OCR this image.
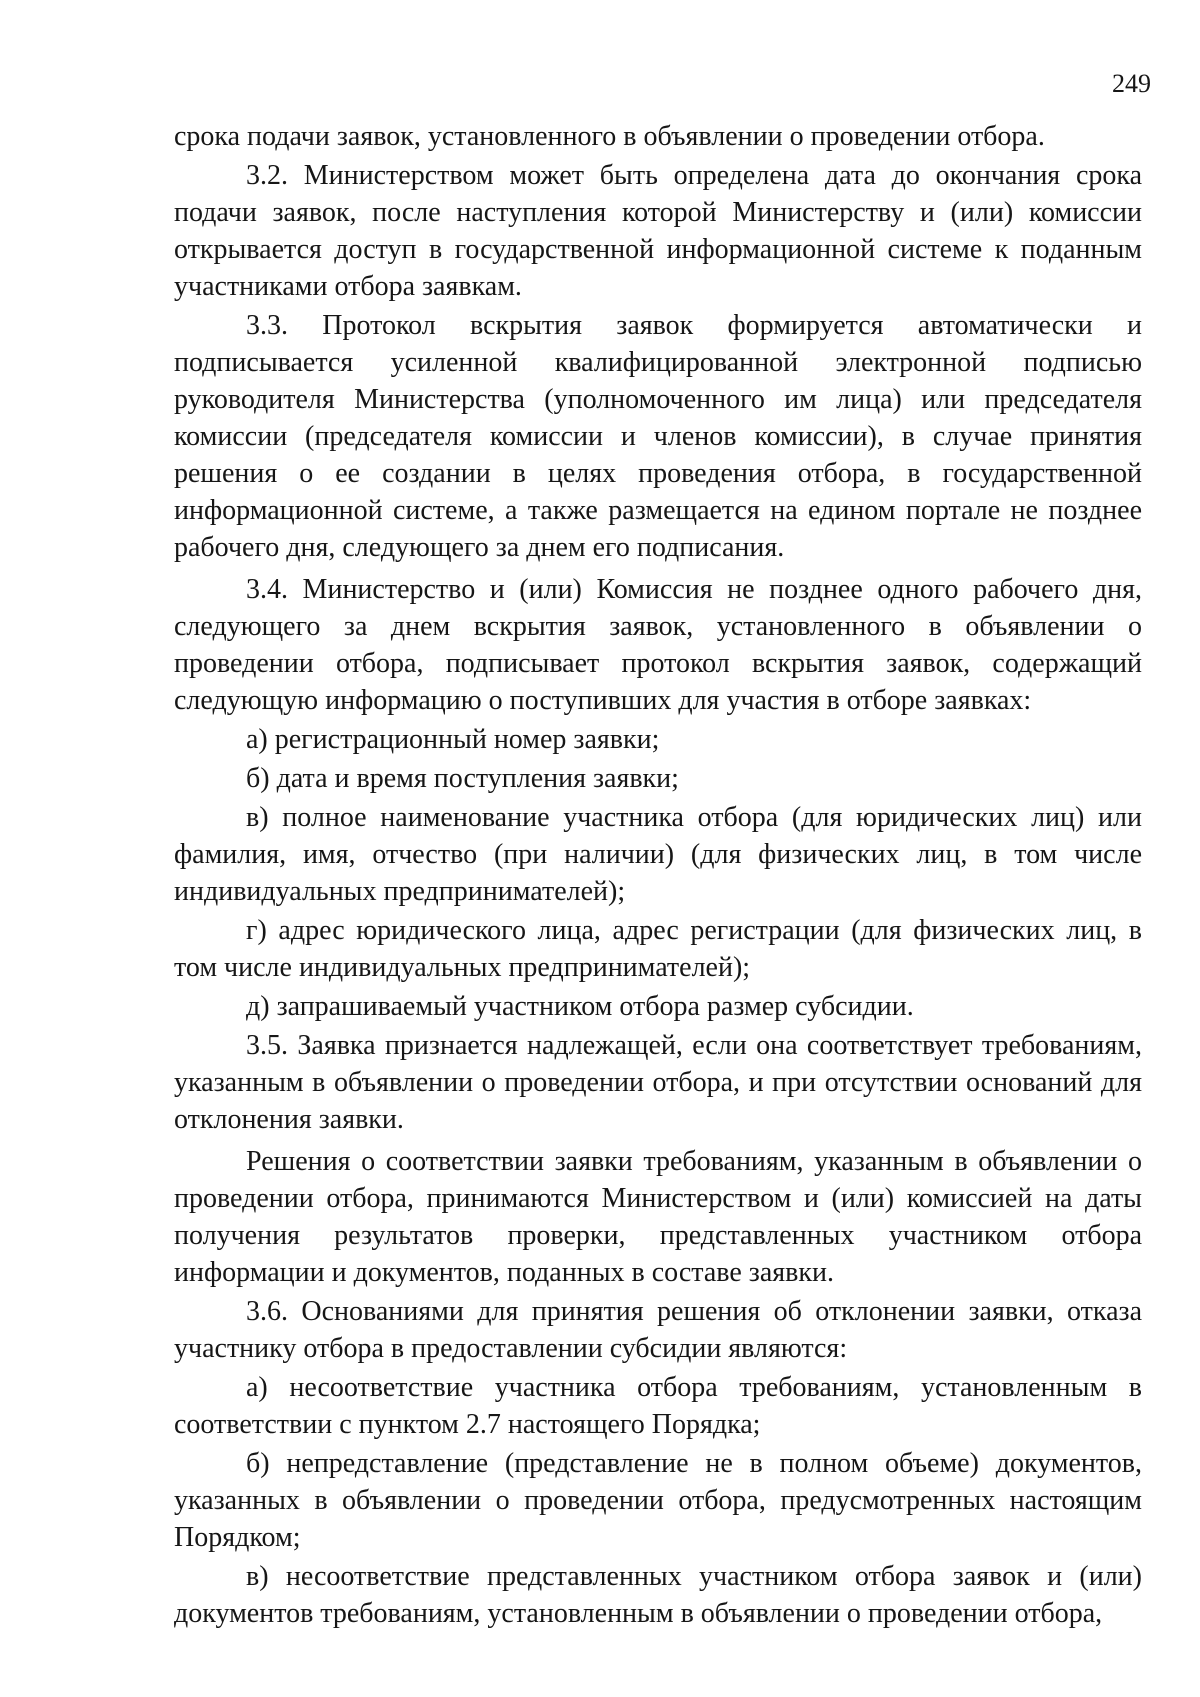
249

срока подачи заявок, установленного в объявлении о проведении отбора.

3.2. Министерством может быть определена дата до окончания срока подачи заявок, после наступления которой Министерству и (или) комиссии открывается доступ в государственной информационной системе к поданным участниками отбора заявкам.

3.3. Протокол вскрытия заявок формируется автоматически и подписывается усиленной квалифицированной электронной подписью руководителя Министерства (уполномоченного им лица) или председателя комиссии (председателя комиссии и членов комиссии), в случае принятия решения о ее создании в целях проведения отбора, в государственной информационной системе, а также размещается на едином портале не позднее рабочего дня, следующего за днем его подписания.

3.4. Министерство и (или) Комиссия не позднее одного рабочего дня, следующего за днем вскрытия заявок, установленного в объявлении о проведении отбора, подписывает протокол вскрытия заявок, содержащий следующую информацию о поступивших для участия в отборе заявках:

а) регистрационный номер заявки;

б) дата и время поступления заявки;

в) полное наименование участника отбора (для юридических лиц) или фамилия, имя, отчество (при наличии) (для физических лиц, в том числе индивидуальных предпринимателей);

г) адрес юридического лица, адрес регистрации (для физических лиц, в том числе индивидуальных предпринимателей);

д) запрашиваемый участником отбора размер субсидии.

3.5. Заявка признается надлежащей, если она соответствует требованиям, указанным в объявлении о проведении отбора, и при отсутствии оснований для отклонения заявки.

Решения о соответствии заявки требованиям, указанным в объявлении о проведении отбора, принимаются Министерством и (или) комиссией на даты получения результатов проверки, представленных участником отбора информации и документов, поданных в составе заявки.

3.6. Основаниями для принятия решения об отклонении заявки, отказа участнику отбора в предоставлении субсидии являются:

а) несоответствие участника отбора требованиям, установленным в соответствии с пунктом 2.7 настоящего Порядка;

б) непредставление (представление не в полном объеме) документов, указанных в объявлении о проведении отбора, предусмотренных настоящим Порядком;

в) несоответствие представленных участником отбора заявок и (или) документов требованиям, установленным в объявлении о проведении отбора,
